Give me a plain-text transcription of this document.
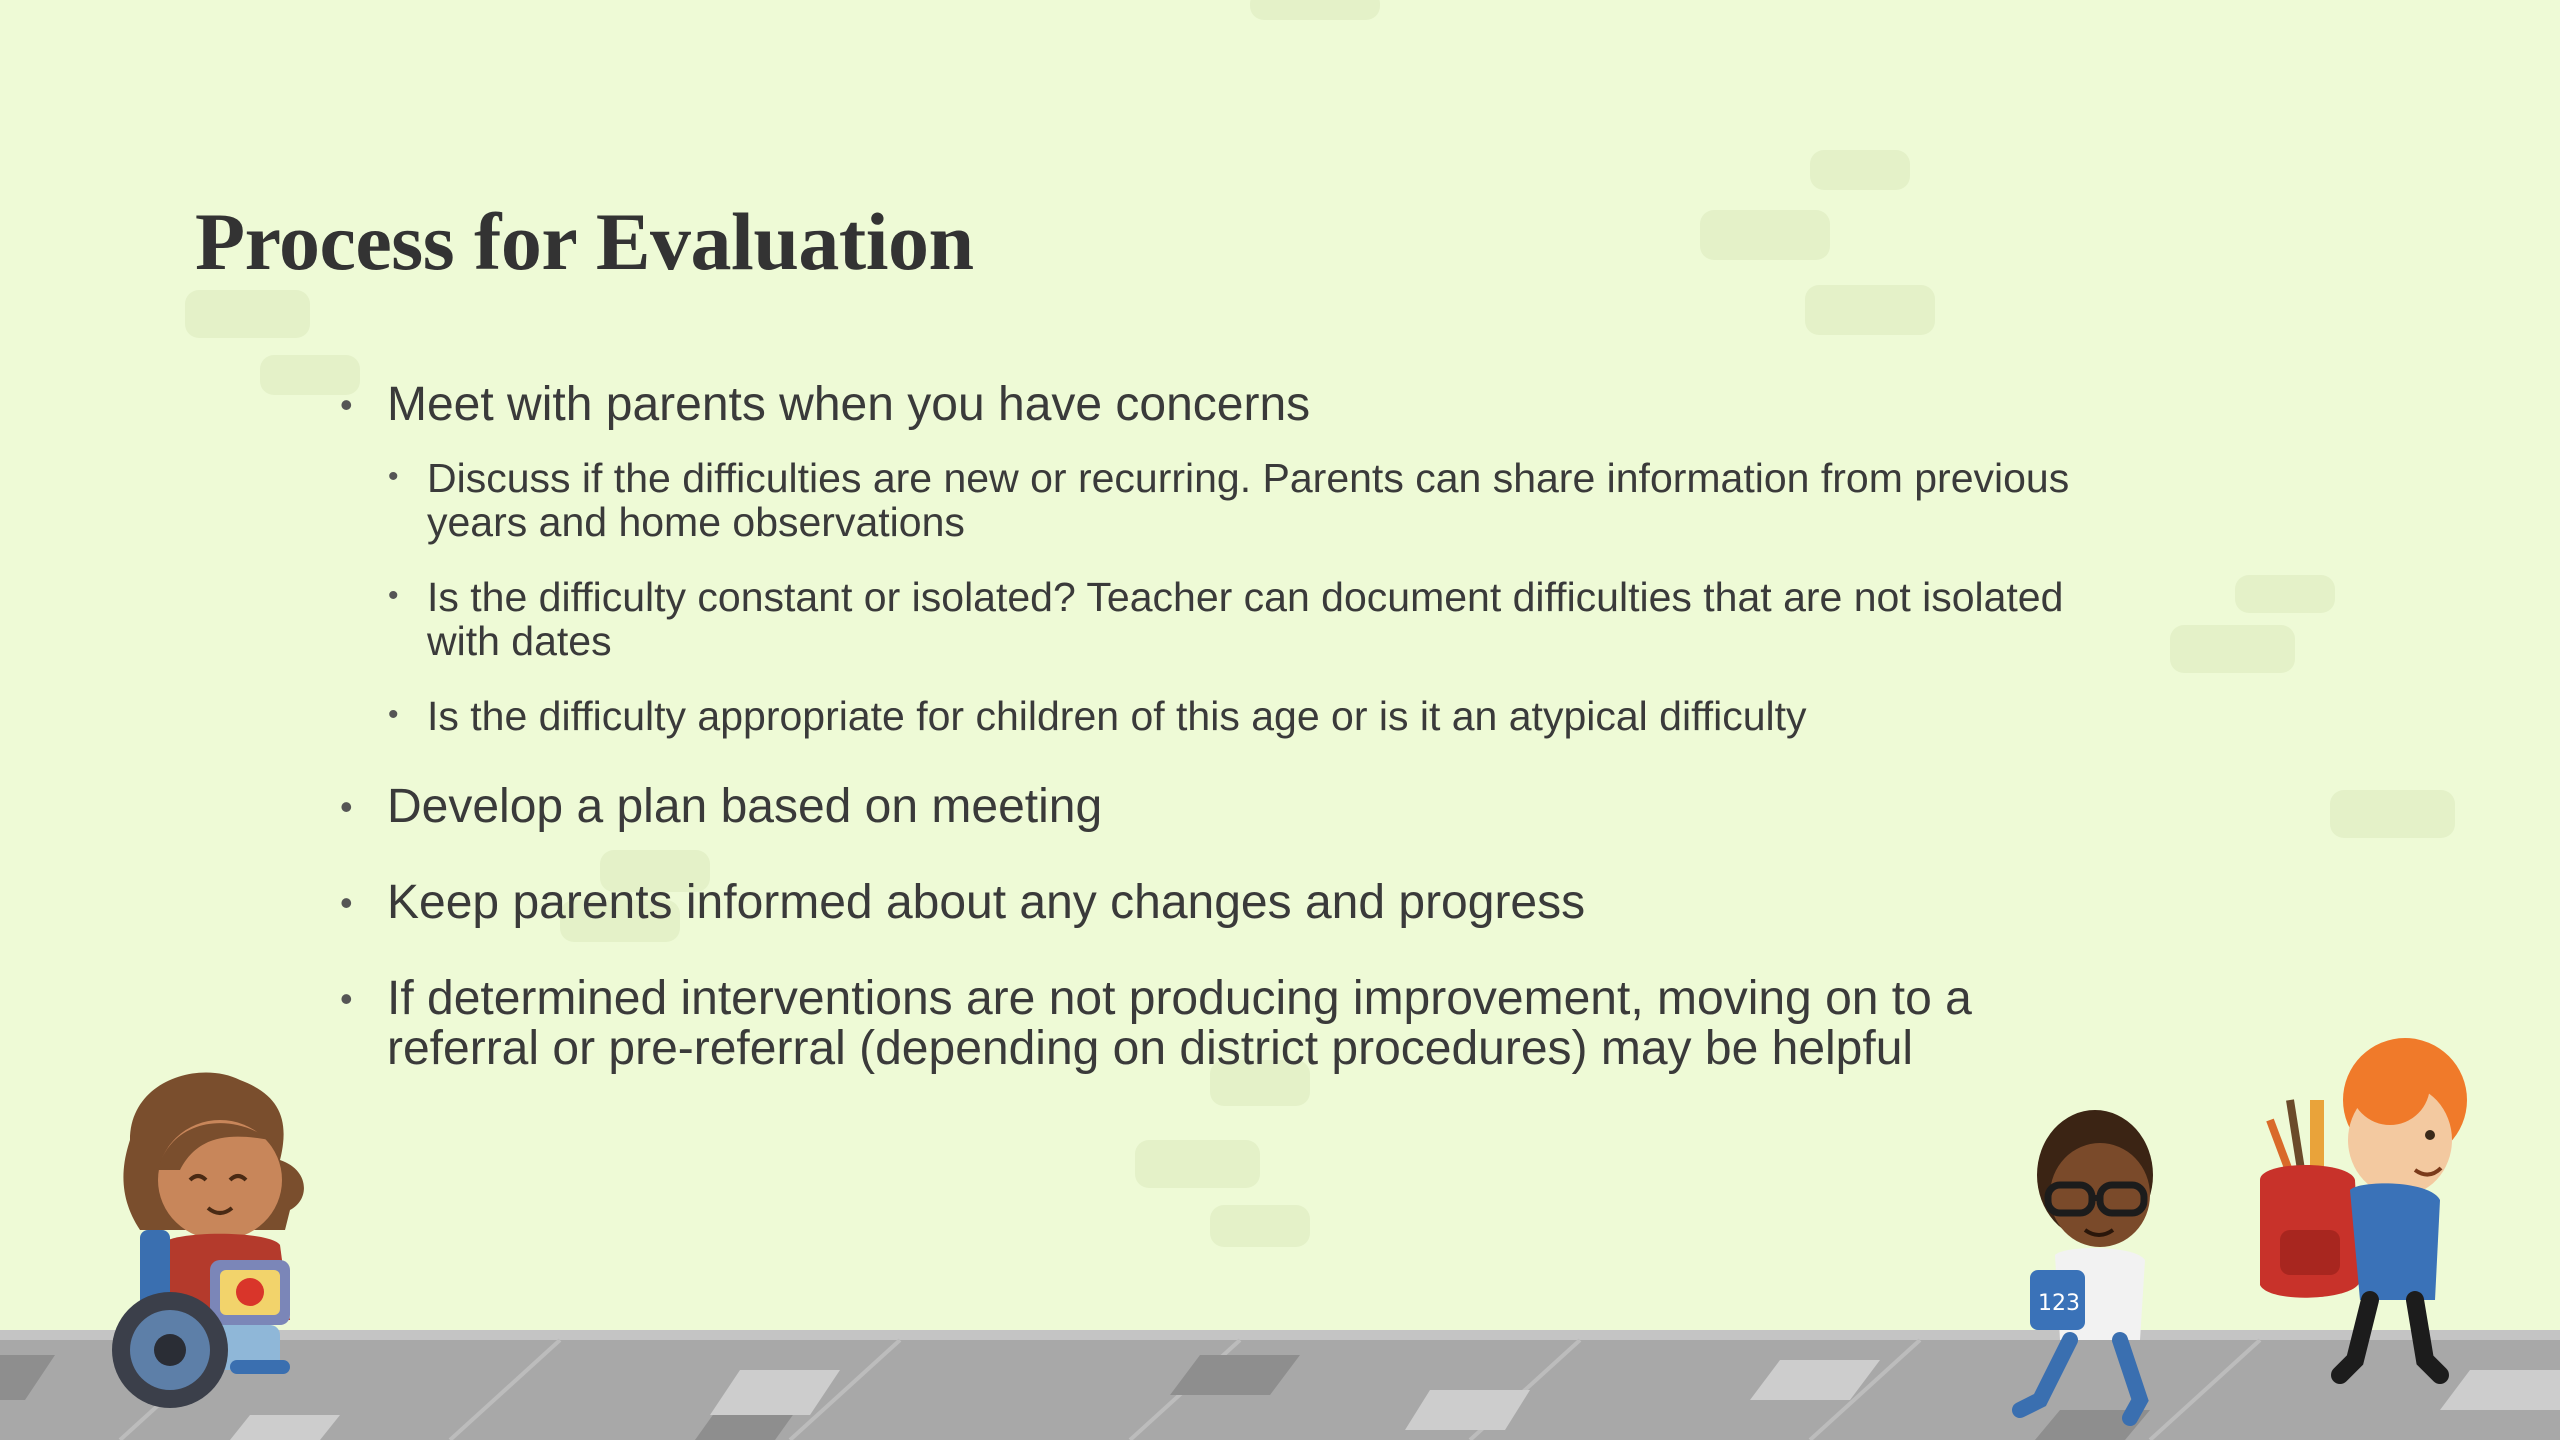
Process for Evaluation
• Meet with parents when you have concerns
• Discuss if the difficulties are new or recurring. Parents can share information from previous years and home observations
• Is the difficulty constant or isolated? Teacher can document difficulties that are not isolated with dates
• Is the difficulty appropriate for children of this age or is it an atypical difficulty
• Develop a plan based on meeting
• Keep parents informed about any changes and progress
• If determined interventions are not producing improvement, moving on to a referral or pre-referral (depending on district procedures) may be helpful
123
